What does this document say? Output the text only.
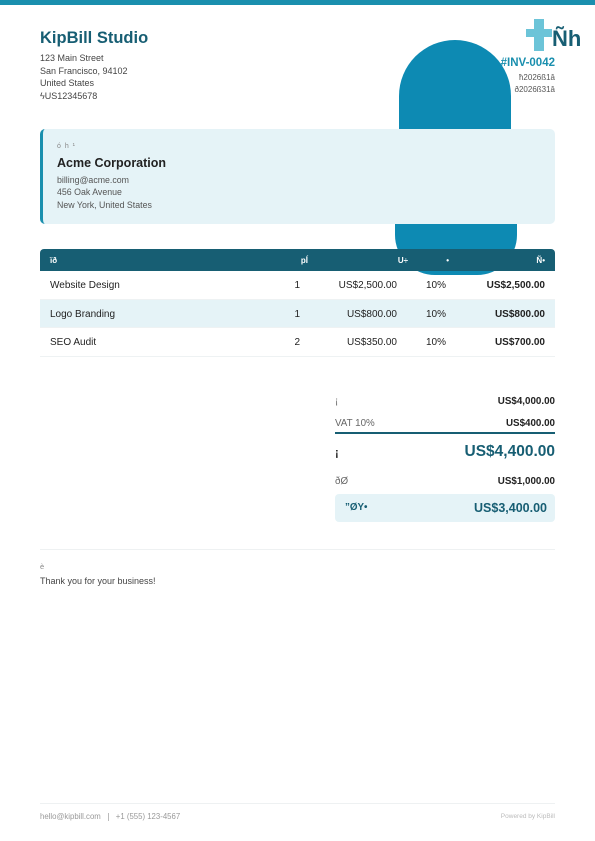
Ñh
KipBill Studio
123 Main Street
San Francisco, 94102
United States
ϟUS12345678
#INV-0042
ħ2026ß1â
ð2026ß31â
ó h ¹
Acme Corporation
billing@acme.com
456 Oak Avenue
New York, United States
ïð	pÍ	U÷	•	Ñ•
Website Design	1	US$2,500.00	10%	US$2,500.00
Logo Branding	1	US$800.00	10%	US$800.00
SEO Audit	2	US$350.00	10%	US$700.00
¡	US$4,000.00
VAT 10%	US$400.00
¡	US$4,400.00
ðØ	US$1,000.00
”ØY•	US$3,400.00
è
Thank you for your business!
hello@kipbill.com +1 (555) 123-4567	Powered by KipBill
